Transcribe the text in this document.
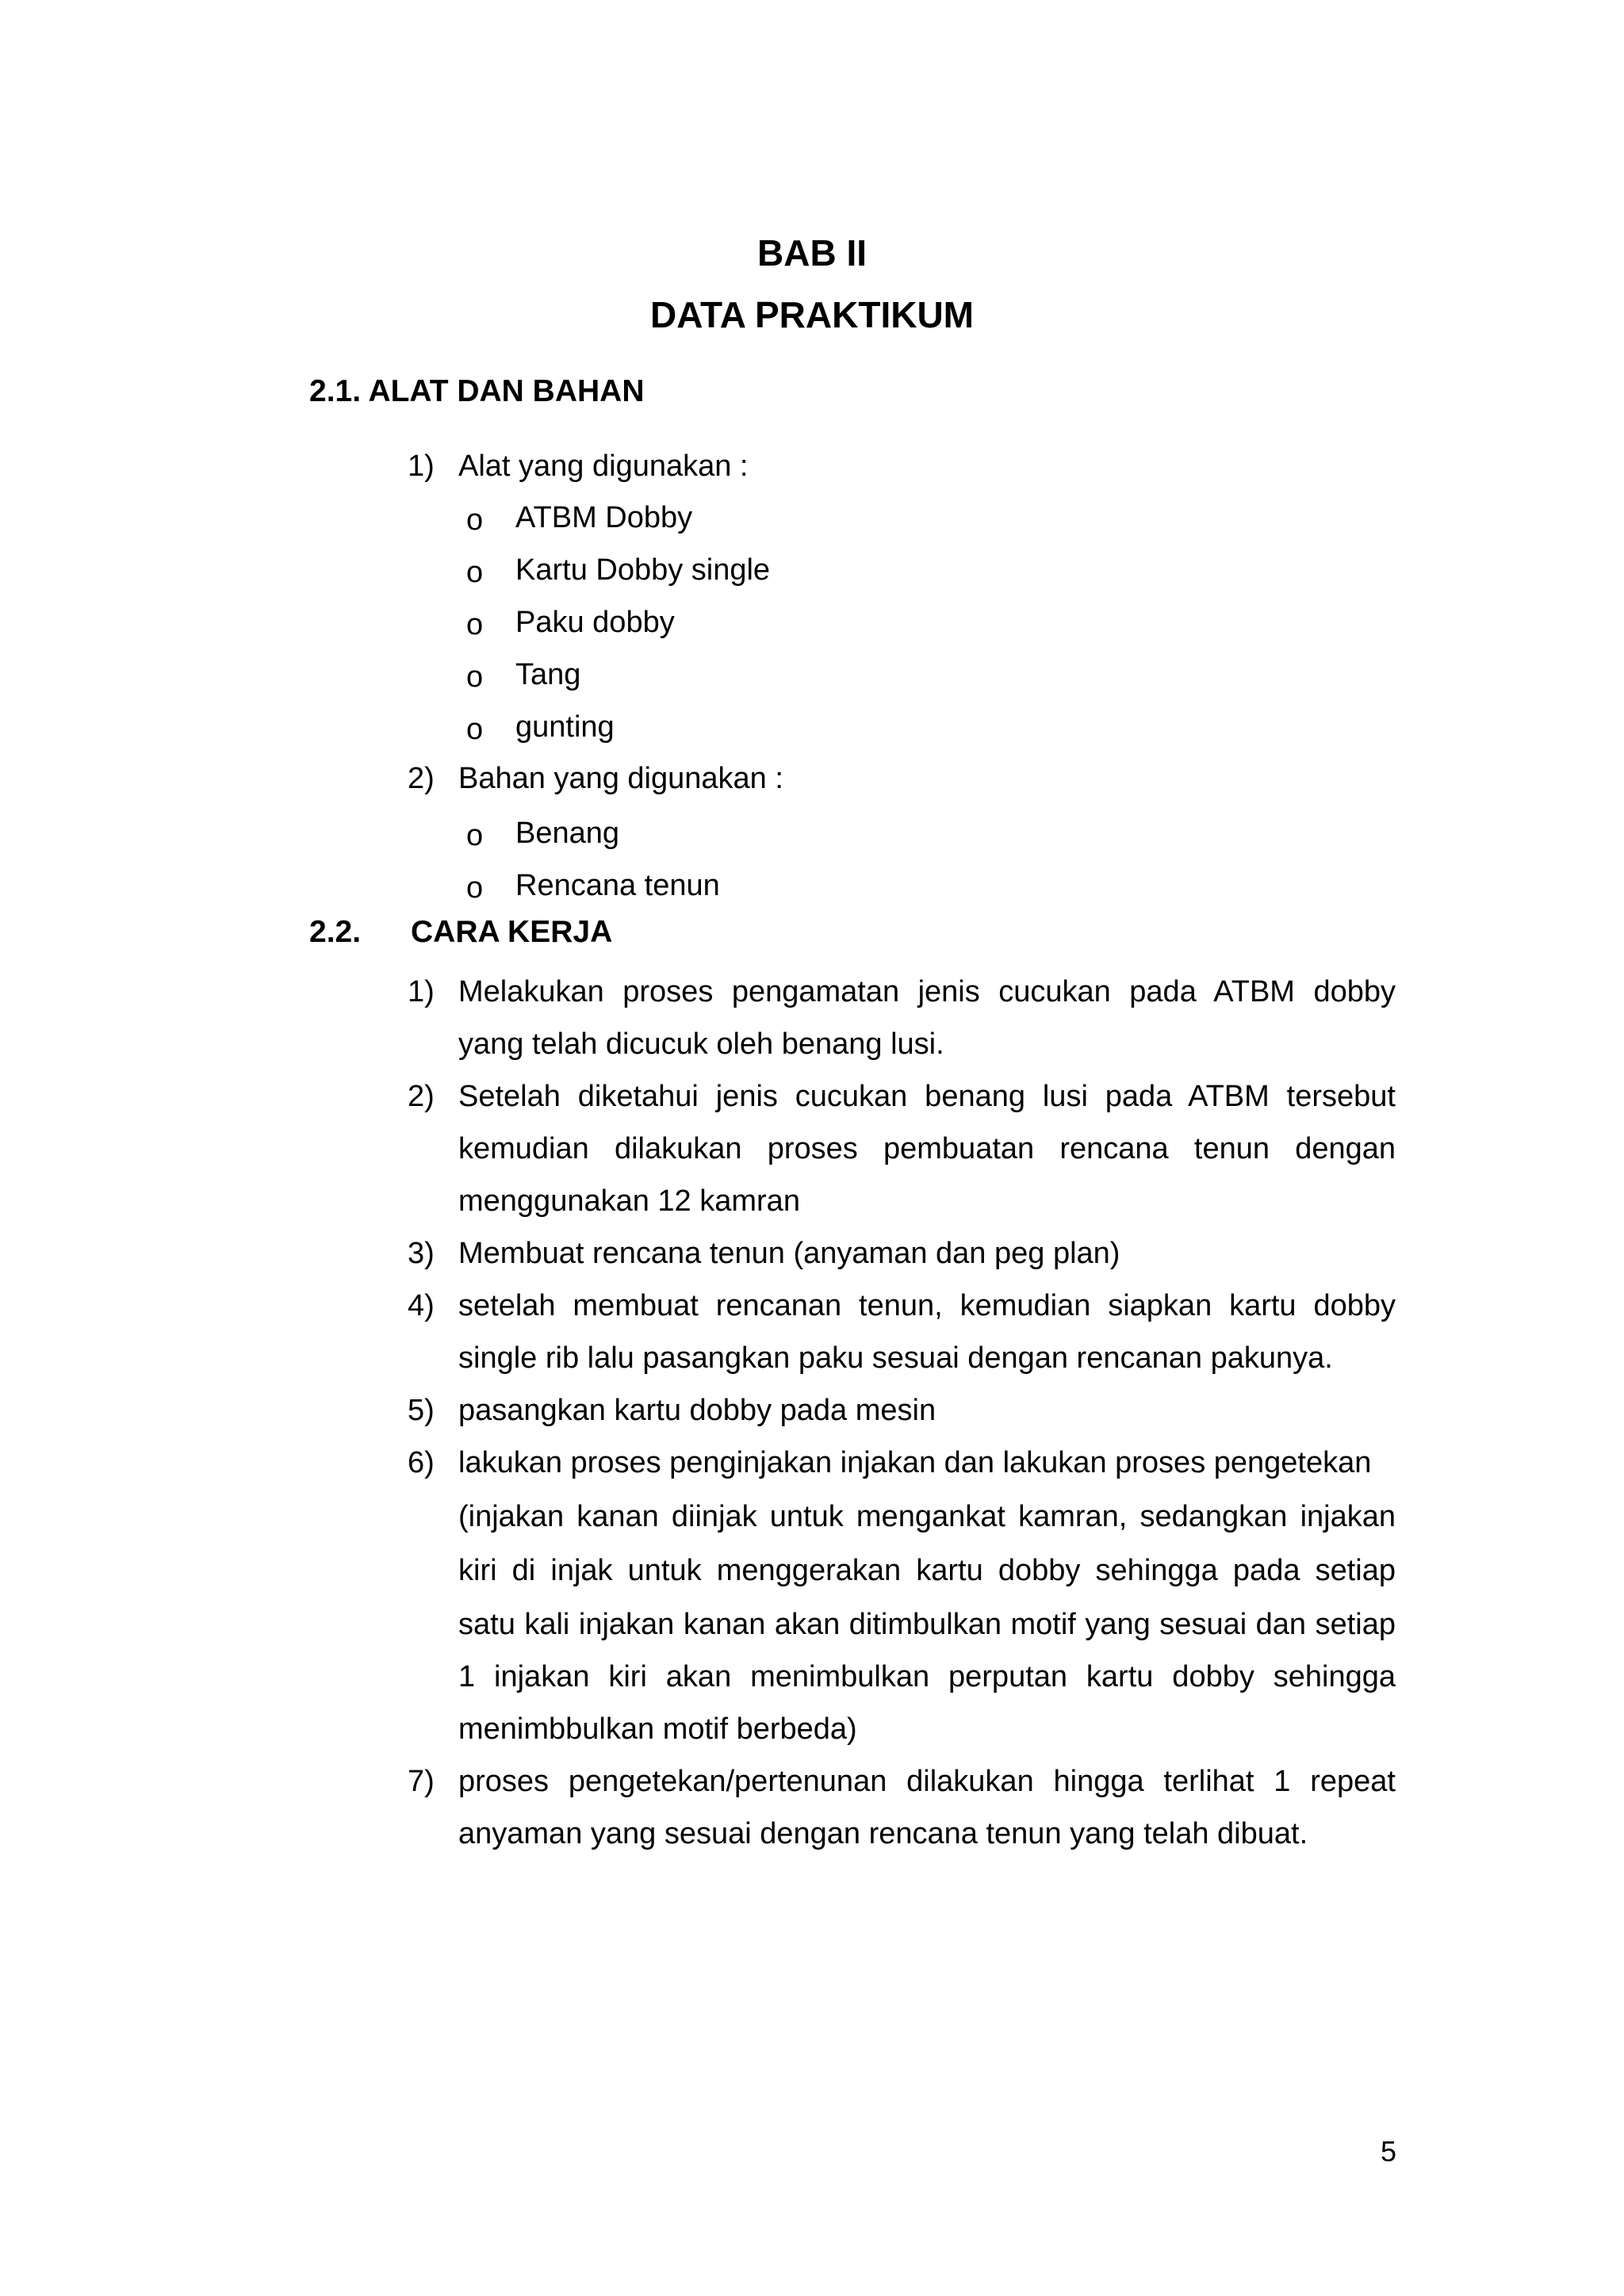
BAB II
DATA PRAKTIKUM
2.1. ALAT DAN BAHAN
1) Alat yang digunakan :
o ATBM Dobby
o Kartu Dobby single
o Paku dobby
o Tang
o gunting
2) Bahan yang digunakan :
o Benang
o Rencana tenun
2.2. CARA KERJA
1) Melakukan proses pengamatan jenis cucukan pada ATBM dobby
yang telah dicucuk oleh benang lusi.
2) Setelah diketahui jenis cucukan benang lusi pada ATBM tersebut
kemudian dilakukan proses pembuatan rencana tenun dengan
menggunakan 12 kamran
3) Membuat rencana tenun (anyaman dan peg plan)
4) setelah membuat rencanan tenun, kemudian siapkan kartu dobby
single rib lalu pasangkan paku sesuai dengan rencanan pakunya.
5) pasangkan kartu dobby pada mesin
6) lakukan proses penginjakan injakan dan lakukan proses pengetekan
(injakan kanan diinjak untuk mengankat kamran, sedangkan injakan
kiri di injak untuk menggerakan kartu dobby sehingga pada setiap
satu kali injakan kanan akan ditimbulkan motif yang sesuai dan setiap
1 injakan kiri akan menimbulkan perputan kartu dobby sehingga
menimbbulkan motif berbeda)
7) proses pengetekan/pertenunan dilakukan hingga terlihat 1 repeat
anyaman yang sesuai dengan rencana tenun yang telah dibuat.
5
